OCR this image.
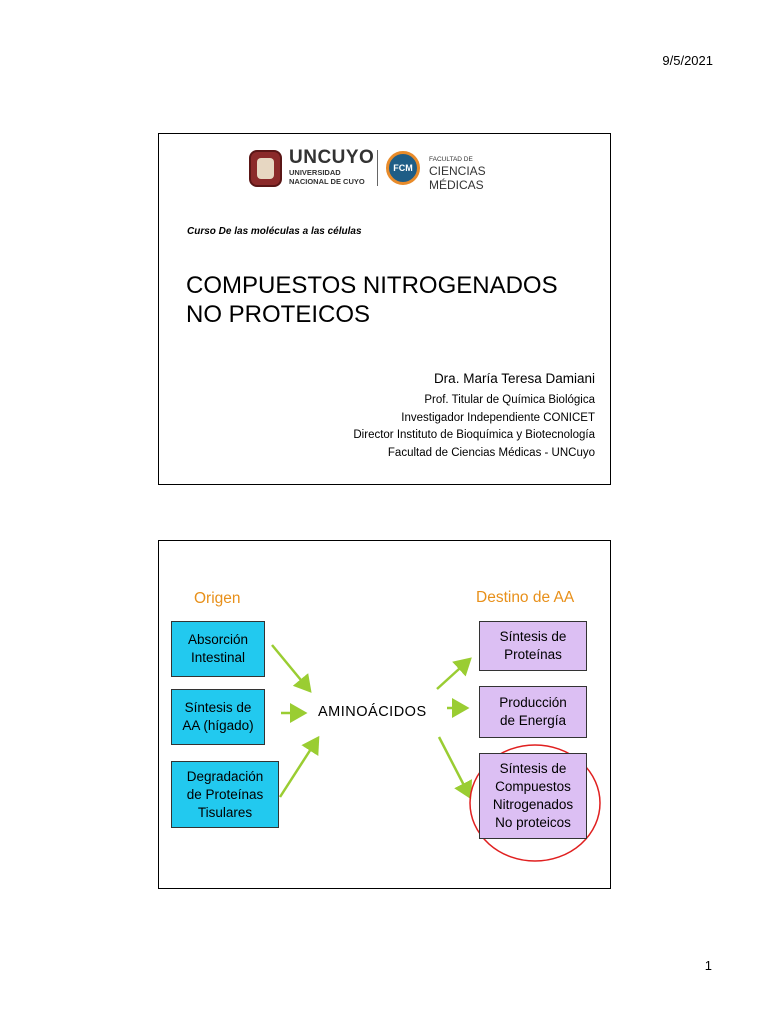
9/5/2021
UNCUYO
UNIVERSIDAD
NACIONAL DE CUYO
FCM
FACULTAD DE
CIENCIAS MÉDICAS
Curso De las moléculas a las células
COMPUESTOS NITROGENADOS
NO PROTEICOS
Dra. María Teresa Damiani
Prof. Titular de Química Biológica
Investigador Independiente CONICET
Director Instituto de Bioquímica y Biotecnología
Facultad de Ciencias Médicas - UNCuyo
Origen	Destino de AA
Absorción
Intestinal
Síntesis de
AA (hígado)
Degradación
de Proteínas
Tisulares
AMINOÁCIDOS
Síntesis de
Proteínas
Producción
de Energía
Síntesis de
Compuestos
Nitrogenados
No proteicos
1
